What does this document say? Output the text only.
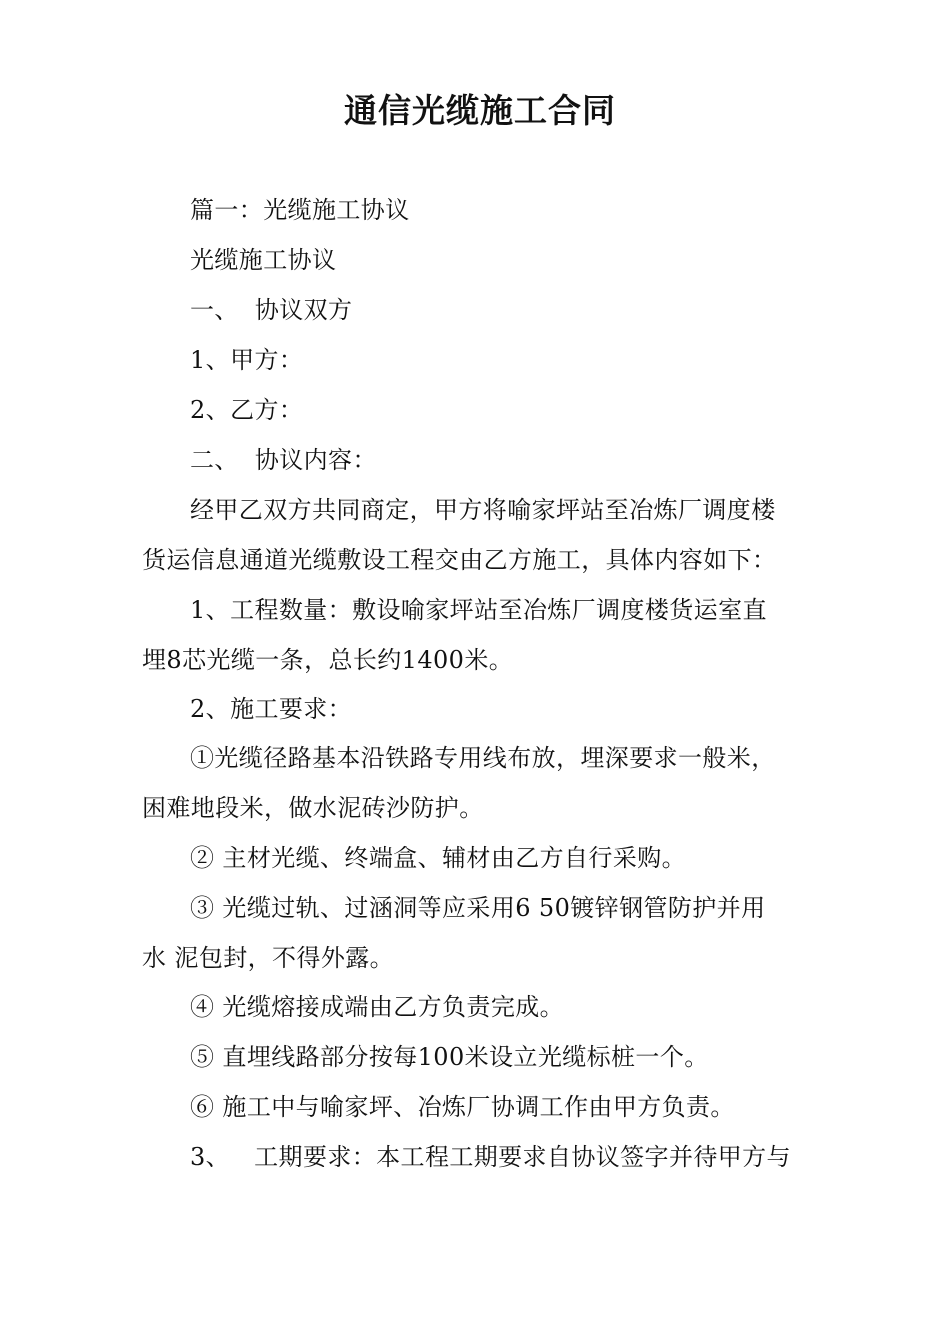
通信光缆施工合同
篇一：光缆施工协议
光缆施工协议
一、  协议双方
1、甲方：
2、乙方：
二、  协议内容：
经甲乙双方共同商定，甲方将喻家坪站至冶炼厂调度楼
货运信息通道光缆敷设工程交由乙方施工，具体内容如下：
1、工程数量：敷设喻家坪站至冶炼厂调度楼货运室直
埋8芯光缆一条，总长约1400米。
2、施工要求：
①光缆径路基本沿铁路专用线布放，埋深要求一般米，
困难地段米，做水泥砖沙防护。
② 主材光缆、终端盒、辅材由乙方自行采购。
③ 光缆过轨、过涵洞等应采用6 50镀锌钢管防护并用
水 泥包封，不得外露。
④ 光缆熔接成端由乙方负责完成。
⑤ 直埋线路部分按每100米设立光缆标桩一个。
⑥ 施工中与喻家坪、冶炼厂协调工作由甲方负责。
3、   工期要求：本工程工期要求自协议签字并待甲方与
